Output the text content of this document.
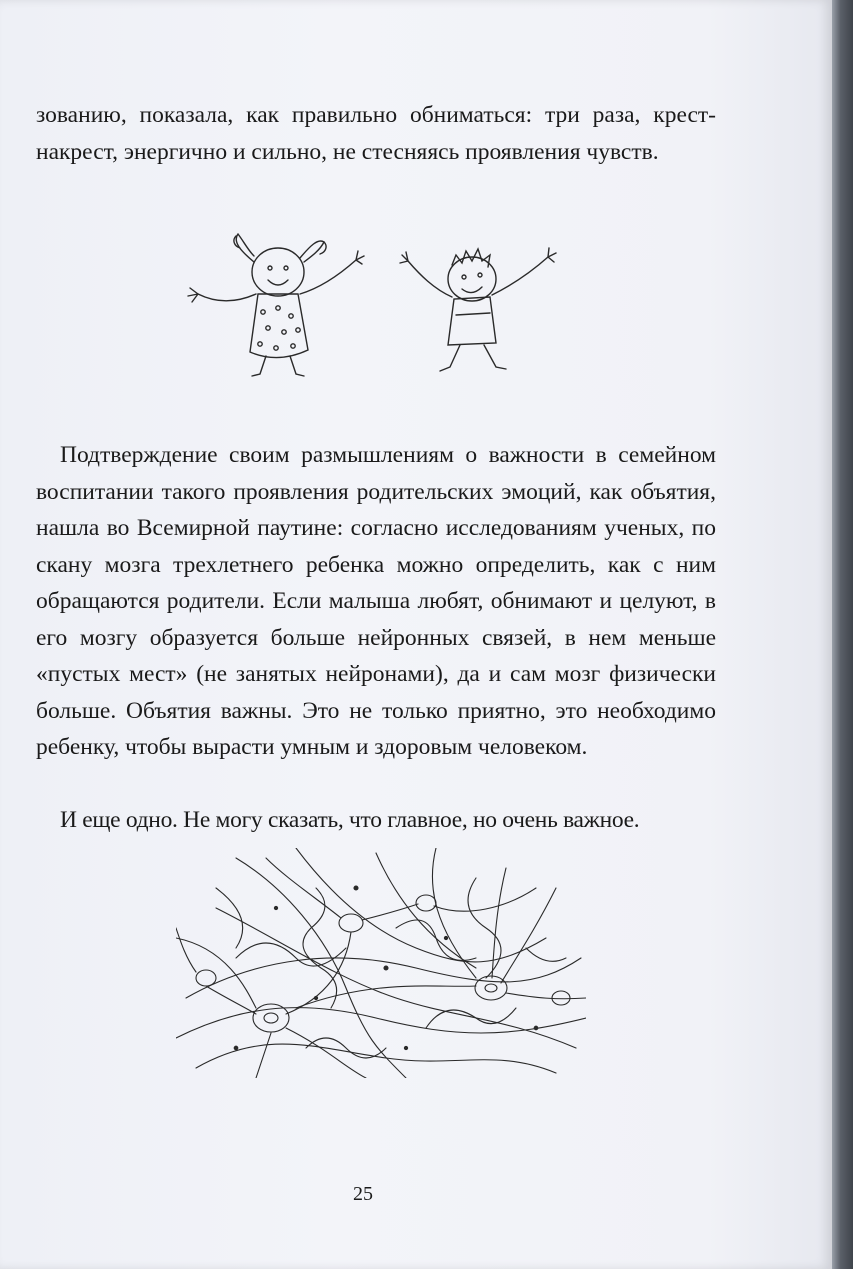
зованию, показала, как правильно обниматься: три раза, крест-накрест, энергично и сильно, не стесняясь проявления чувств.

Подтверждение своим размышлениям о важности в семейном воспитании такого проявления родительских эмоций, как объятия, нашла во Всемирной паутине: согласно исследованиям ученых, по скану мозга трехлетнего ребенка можно определить, как с ним обращаются родители. Если малыша любят, обнимают и целуют, в его мозгу образуется больше нейронных связей, в нем меньше «пустых мест» (не занятых нейронами), да и сам мозг физически больше. Объятия важны. Это не только приятно, это необходимо ребенку, чтобы вырасти умным и здоровым человеком.

И еще одно. Не могу сказать, что главное, но очень важное.

25
